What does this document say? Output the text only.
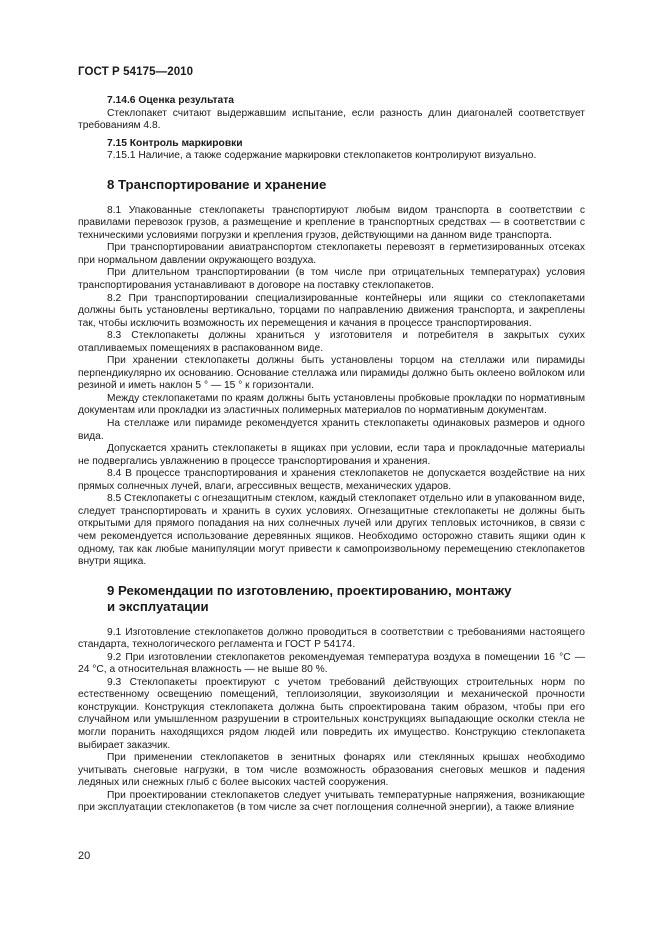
ГОСТ Р 54175—2010
7.14.6 Оценка результата
Стеклопакет считают выдержавшим испытание, если разность длин диагоналей соответствует требованиям 4.8.
7.15 Контроль маркировки
7.15.1 Наличие, а также содержание маркировки стеклопакетов контролируют визуально.
8 Транспортирование и хранение
8.1 Упакованные стеклопакеты транспортируют любым видом транспорта в соответствии с правилами перевозок грузов, а размещение и крепление в транспортных средствах — в соответствии с техническими условиями погрузки и крепления грузов, действующими на данном виде транспорта.
При транспортировании авиатранспортом стеклопакеты перевозят в герметизированных отсеках при нормальном давлении окружающего воздуха.
При длительном транспортировании (в том числе при отрицательных температурах) условия транспортирования устанавливают в договоре на поставку стеклопакетов.
8.2 При транспортировании специализированные контейнеры или ящики со стеклопакетами должны быть установлены вертикально, торцами по направлению движения транспорта, и закреплены так, чтобы исключить возможность их перемещения и качания в процессе транспортирования.
8.3 Стеклопакеты должны храниться у изготовителя и потребителя в закрытых сухих отапливаемых помещениях в распакованном виде.
При хранении стеклопакеты должны быть установлены торцом на стеллажи или пирамиды перпендикулярно их основанию. Основание стеллажа или пирамиды должно быть оклеено войлоком или резиной и иметь наклон 5 ° — 15 ° к горизонтали.
Между стеклопакетами по краям должны быть установлены пробковые прокладки по нормативным документам или прокладки из эластичных полимерных материалов по нормативным документам.
На стеллаже или пирамиде рекомендуется хранить стеклопакеты одинаковых размеров и одного вида.
Допускается хранить стеклопакеты в ящиках при условии, если тара и прокладочные материалы не подвергались увлажнению в процессе транспортирования и хранения.
8.4 В процессе транспортирования и хранения стеклопакетов не допускается воздействие на них прямых солнечных лучей, влаги, агрессивных веществ, механических ударов.
8.5 Стеклопакеты с огнезащитным стеклом, каждый стеклопакет отдельно или в упакованном виде, следует транспортировать и хранить в сухих условиях. Огнезащитные стеклопакеты не должны быть открытыми для прямого попадания на них солнечных лучей или других тепловых источников, в связи с чем рекомендуется использование деревянных ящиков. Необходимо осторожно ставить ящики один к одному, так как любые манипуляции могут привести к самопроизвольному перемещению стеклопакетов внутри ящика.
9 Рекомендации по изготовлению, проектированию, монтажу
и эксплуатации
9.1 Изготовление стеклопакетов должно проводиться в соответствии с требованиями настоящего стандарта, технологического регламента и ГОСТ Р 54174.
9.2 При изготовлении стеклопакетов рекомендуемая температура воздуха в помещении 16 °С — 24 °С, а относительная влажность — не выше 80 %.
9.3 Стеклопакеты проектируют с учетом требований действующих строительных норм по естественному освещению помещений, теплоизоляции, звукоизоляции и механической прочности конструкции. Конструкция стеклопакета должна быть спроектирована таким образом, чтобы при его случайном или умышленном разрушении в строительных конструкциях выпадающие осколки стекла не могли поранить находящихся рядом людей или повредить их имущество. Конструкцию стеклопакета выбирает заказчик.
При применении стеклопакетов в зенитных фонарях или стеклянных крышах необходимо учитывать снеговые нагрузки, в том числе возможность образования снеговых мешков и падения ледяных или снежных глыб с более высоких частей сооружения.
При проектировании стеклопакетов следует учитывать температурные напряжения, возникающие при эксплуатации стеклопакетов (в том числе за счет поглощения солнечной энергии), а также влияние
20
